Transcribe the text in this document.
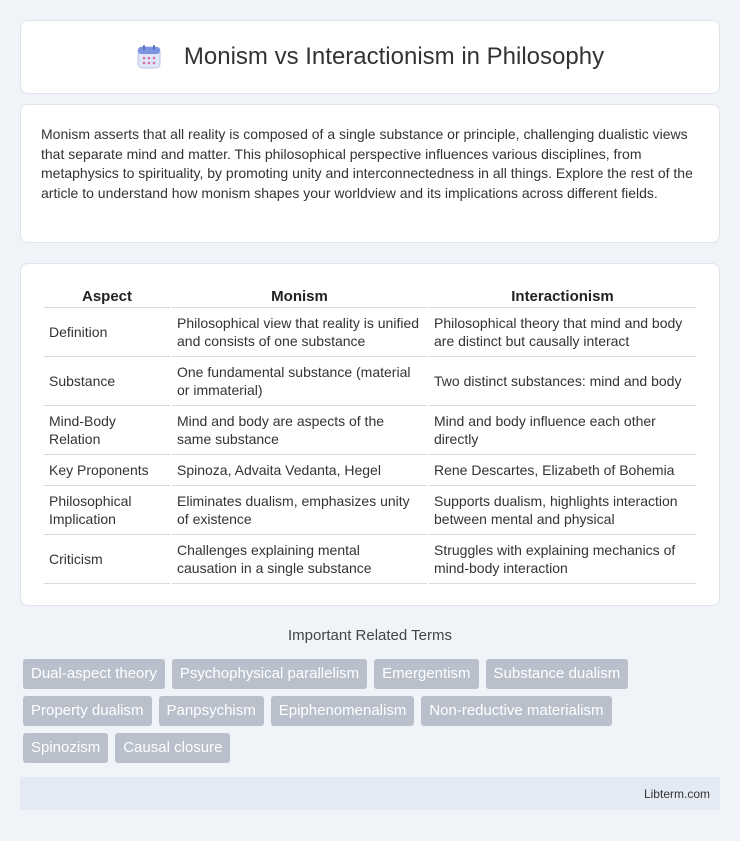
Monism vs Interactionism in Philosophy

Monism asserts that all reality is composed of a single substance or principle, challenging dualistic views that separate mind and matter. This philosophical perspective influences various disciplines, from metaphysics to spirituality, by promoting unity and interconnectedness in all things. Explore the rest of the article to understand how monism shapes your worldview and its implications across different fields.

Aspect	Monism	Interactionism
Definition	Philosophical view that reality is unified and consists of one substance	Philosophical theory that mind and body are distinct but causally interact
Substance	One fundamental substance (material or immaterial)	Two distinct substances: mind and body
Mind-Body Relation	Mind and body are aspects of the same substance	Mind and body influence each other directly
Key Proponents	Spinoza, Advaita Vedanta, Hegel	Rene Descartes, Elizabeth of Bohemia
Philosophical Implication	Eliminates dualism, emphasizes unity of existence	Supports dualism, highlights interaction between mental and physical
Criticism	Challenges explaining mental causation in a single substance	Struggles with explaining mechanics of mind-body interaction
Important Related Terms
Dual-aspect theory	Psychophysical parallelism	Emergentism	Substance dualism
Property dualism	Panpsychism	Epiphenomenalism	Non-reductive materialism
Spinozism	Causal closure
Libterm.com
